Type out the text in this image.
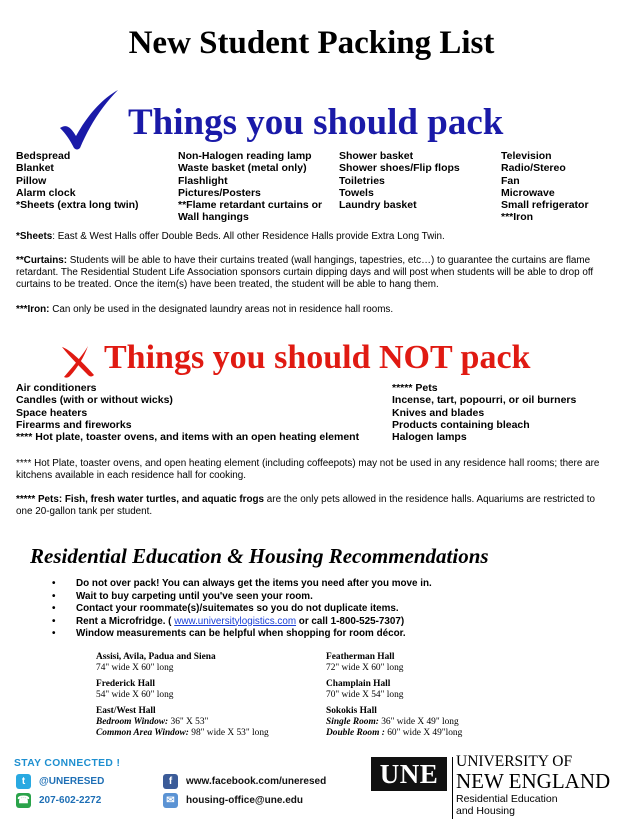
New Student Packing List
Things you should pack
Bedspread
Blanket
Pillow
Alarm clock
*Sheets (extra long twin)
Non-Halogen reading lamp
Waste basket (metal only)
Flashlight
Pictures/Posters
**Flame retardant curtains or
Wall hangings
Shower basket
Shower shoes/Flip flops
Toiletries
Towels
Laundry basket
Television
Radio/Stereo
Fan
Microwave
Small refrigerator
***Iron
*Sheets: East & West Halls offer Double Beds. All other Residence Halls provide Extra Long Twin.
**Curtains: Students will be able to have their curtains treated (wall hangings, tapestries, etc…) to guarantee the curtains are flame retardant. The Residential Student Life Association sponsors curtain dipping days and will post when students will be able to drop off curtains to be treated. Once the item(s) have been treated, the student will be able to hang them.
***Iron: Can only be used in the designated laundry areas not in residence hall rooms.
Things you should NOT pack
Air conditioners
Candles (with or without wicks)
Space heaters
Firearms and fireworks
**** Hot plate, toaster ovens, and items with an open heating element
***** Pets
Incense, tart, popourri, or oil burners
Knives and blades
Products containing bleach
Halogen lamps
**** Hot Plate, toaster ovens, and open heating element (including coffeepots) may not be used in any residence hall rooms; there are kitchens available in each residence hall for cooking.
***** Pets: Fish, fresh water turtles, and aquatic frogs are the only pets allowed in the residence halls. Aquariums are restricted to one 20-gallon tank per student.
Residential Education & Housing Recommendations
• Do not over pack! You can always get the items you need after you move in.
• Wait to buy carpeting until you've seen your room.
• Contact your roommate(s)/suitemates so you do not duplicate items.
• Rent a Microfridge. ( www.universitylogistics.com or call 1-800-525-7307)
• Window measurements can be helpful when shopping for room décor.
Assisi, Avila, Padua and Siena
74" wide X 60" long
Frederick Hall
54" wide X 60" long
East/West Hall
Bedroom Window: 36" X 53"
Common Area Window: 98" wide X 53" long
Featherman Hall
72" wide X 60" long
Champlain Hall
70" wide X 54" long
Sokokis Hall
Single Room: 36" wide X 49" long
Double Room : 60" wide X 49"long
STAY CONNECTED !
t	@UNERESED
☎ 207-602-2272
f	www.facebook.com/uneresed
✉	housing-office@une.edu
UNE	UNIVERSITY OF
NEW ENGLAND
Residential Education
and Housing
